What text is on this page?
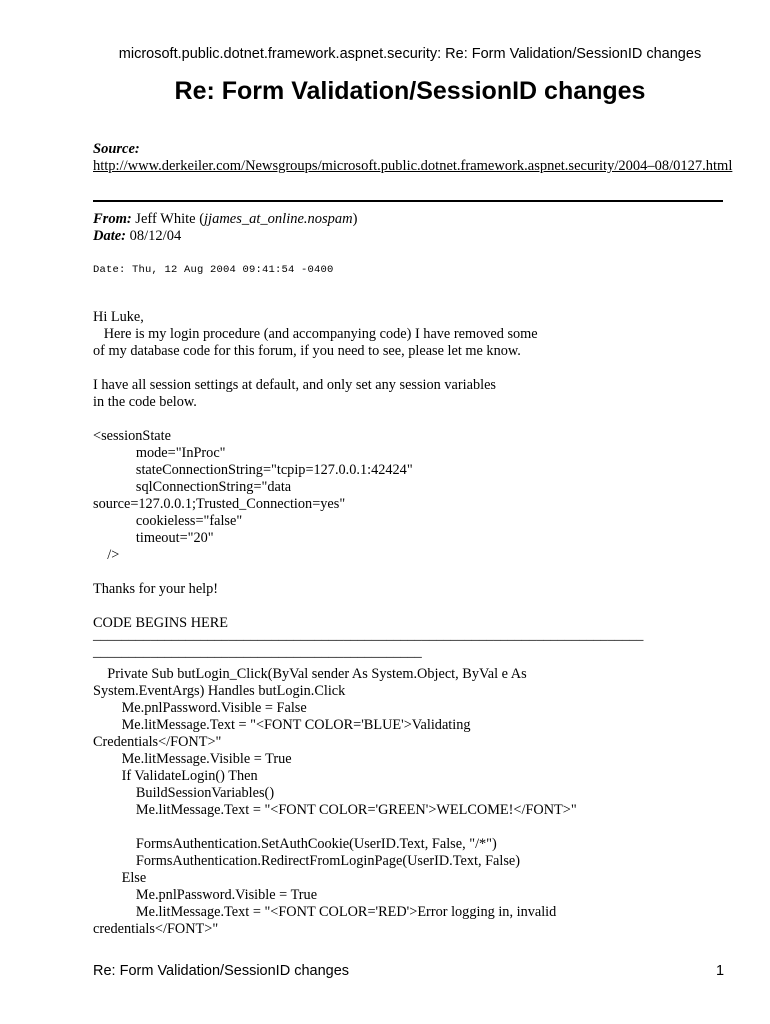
microsoft.public.dotnet.framework.aspnet.security: Re: Form Validation/SessionID changes
Re: Form Validation/SessionID changes
Source:
http://www.derkeiler.com/Newsgroups/microsoft.public.dotnet.framework.aspnet.security/2004–08/0127.html
From: Jeff White (jjames_at_online.nospam)
Date: 08/12/04
Date: Thu, 12 Aug 2004 09:41:54 -0400
Hi Luke,
Here is my login procedure (and accompanying code) I have removed some
of my database code for this forum, if you need to see, please let me know.
I have all session settings at default, and only set any session variables
in the code below.
<sessionState
mode="InProc"
stateConnectionString="tcpip=127.0.0.1:42424"
sqlConnectionString="data
source=127.0.0.1;Trusted_Connection=yes"
cookieless="false"
timeout="20"
/>
Thanks for your help!
CODE BEGINS HERE
–––––––––––––––––––––––––––––––––––––––––––––––––––––––––––––––––––––––––––––
––––––––––––––––––––––––––––––––––––––––––––––
Private Sub butLogin_Click(ByVal sender As System.Object, ByVal e As
System.EventArgs) Handles butLogin.Click
Me.pnlPassword.Visible = False
Me.litMessage.Text = "<FONT COLOR='BLUE'>Validating
Credentials</FONT>"
Me.litMessage.Visible = True
If ValidateLogin() Then
BuildSessionVariables()
Me.litMessage.Text = "<FONT COLOR='GREEN'>WELCOME!</FONT>"
FormsAuthentication.SetAuthCookie(UserID.Text, False, "/*")
FormsAuthentication.RedirectFromLoginPage(UserID.Text, False)
Else
Me.pnlPassword.Visible = True
Me.litMessage.Text = "<FONT COLOR='RED'>Error logging in, invalid
credentials</FONT>"
Re: Form Validation/SessionID changes	1
